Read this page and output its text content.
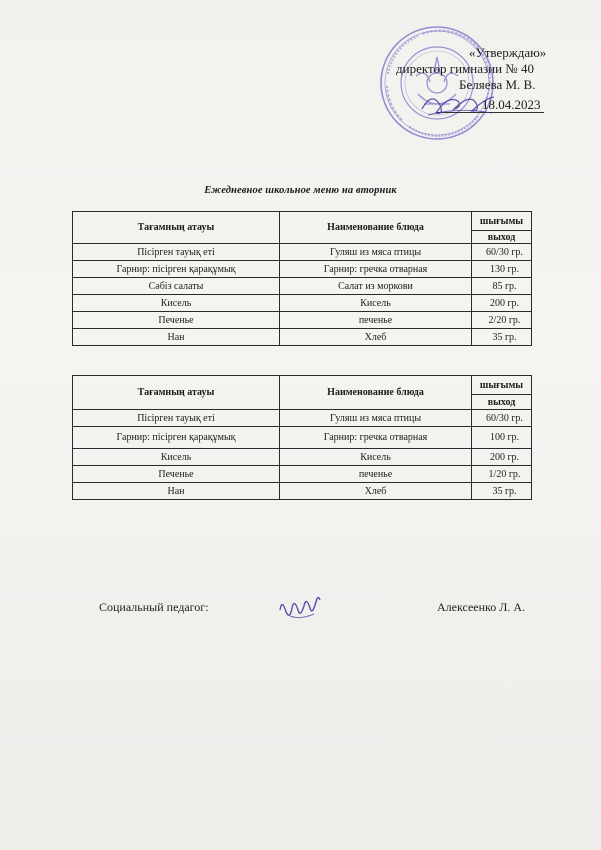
«Утверждаю»
директор гимназии № 40
Беляева М. В.
18.04.2023
Ежедневное школьное меню на вторник
Тағамның атауы	Наименование блюда	шығымы
		выход
Пісірген тауық еті	Гуляш из мяса птицы	60/30 гр.
Гарнир: пісірген қарақұмық	Гарнир: гречка отварная	130 гр.
Сәбіз салаты	Салат из моркови	85 гр.
Кисель	Кисель	200 гр.
Печенье	печенье	2/20 гр.
Нан	Хлеб	35 гр.
Тағамның атауы	Наименование блюда	шығымы
		выход
Пісірген тауық еті	Гуляш из мяса птицы	60/30 гр.
Гарнир: пісірген қарақұмық	Гарнир: гречка отварная	100 гр.
Кисель	Кисель	200 гр.
Печенье	печенье	1/20 гр.
Нан	Хлеб	35 гр.
Социальный педагог:	Алексеенко Л. А.
